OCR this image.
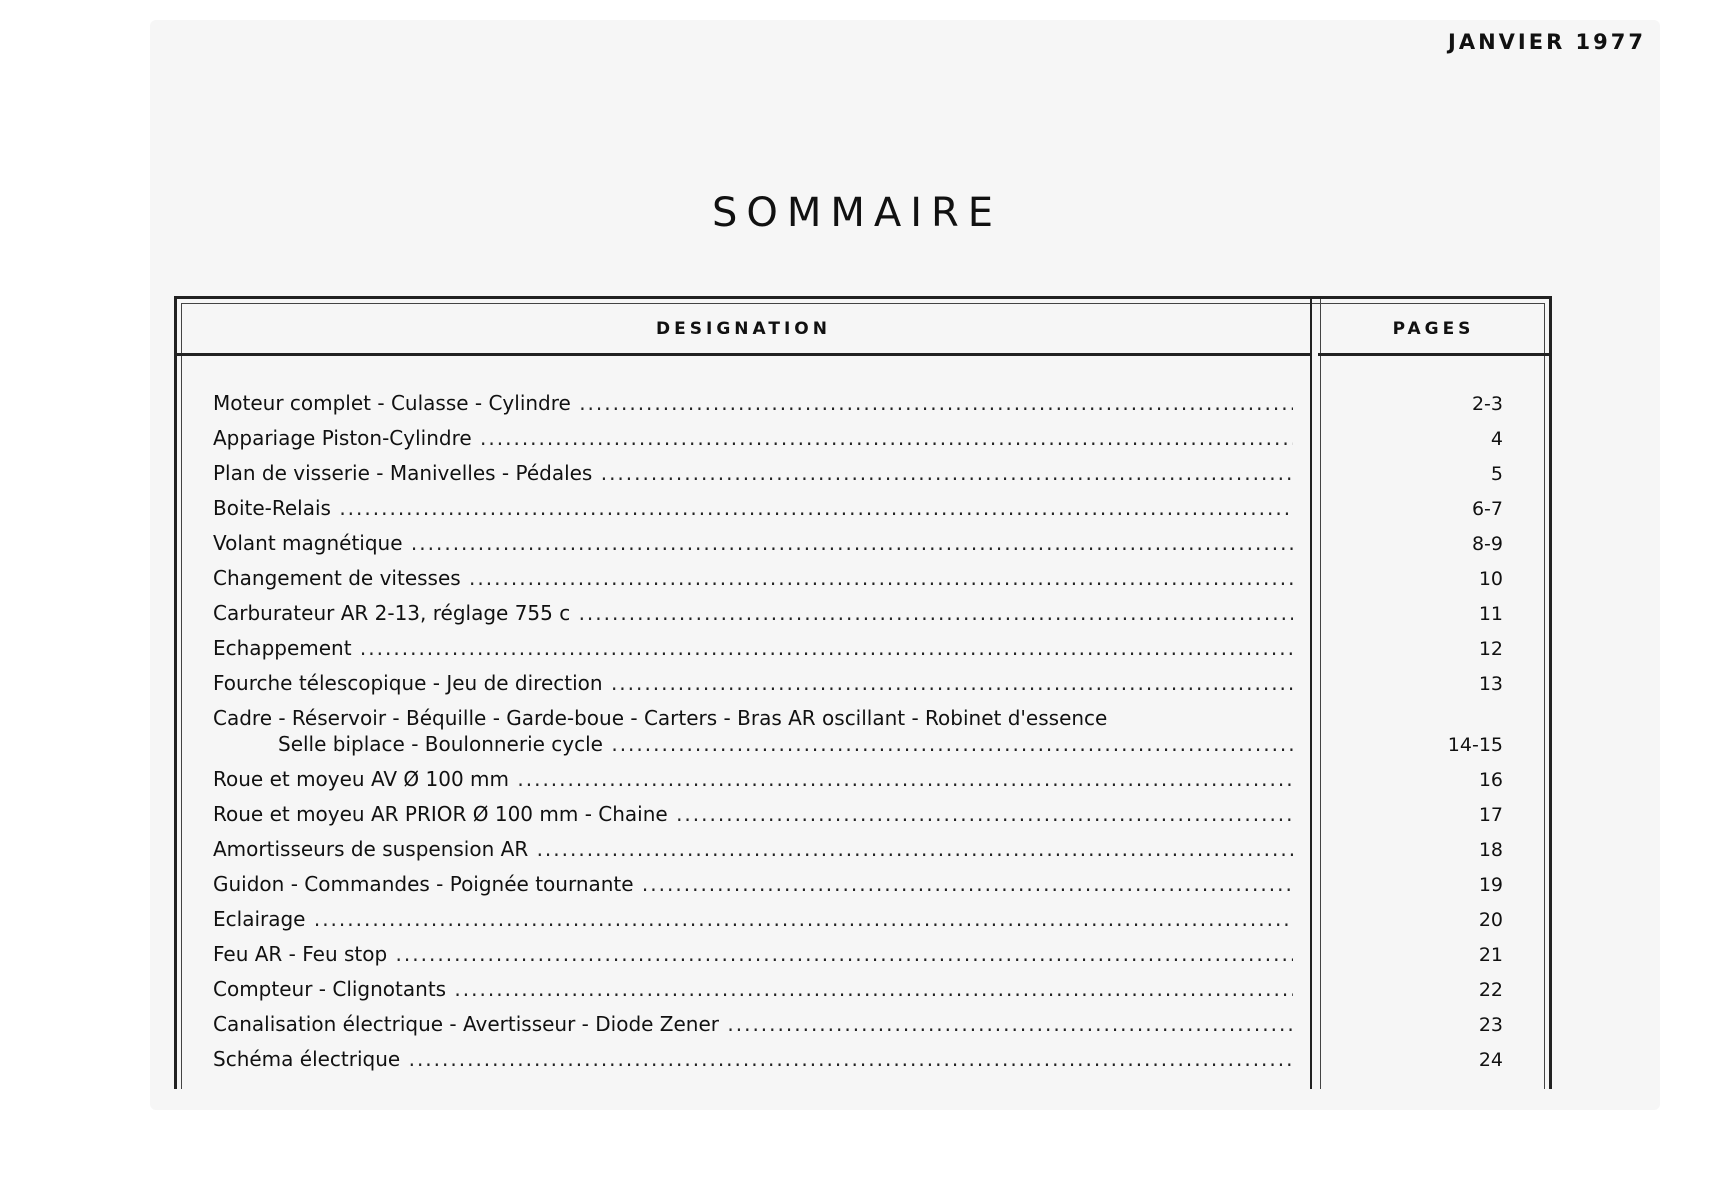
JANVIER 1977
SOMMAIRE
DESIGNATION	PAGES
Moteur complet - Culasse - Cylindre .....	2-3
Appariage Piston-Cylindre .....	4
Plan de visserie - Manivelles - Pédales .....	5
Boite-Relais .....	6-7
Volant magnétique .....	8-9
Changement de vitesses .....	10
Carburateur AR 2-13, réglage 755 c .....	11
Echappement .....	12
Fourche télescopique - Jeu de direction .....	13
Cadre - Réservoir - Béquille - Garde-boue - Carters - Bras AR oscillant - Robinet d'essence
Selle biplace - Boulonnerie cycle .....	14-15
Roue et moyeu AV Ø 100 mm .....	16
Roue et moyeu AR PRIOR Ø 100 mm - Chaine .....	17
Amortisseurs de suspension AR .....	18
Guidon - Commandes - Poignée tournante .....	19
Eclairage .....	20
Feu AR - Feu stop .....	21
Compteur - Clignotants .....	22
Canalisation électrique - Avertisseur - Diode Zener .....	23
Schéma électrique .....	24
